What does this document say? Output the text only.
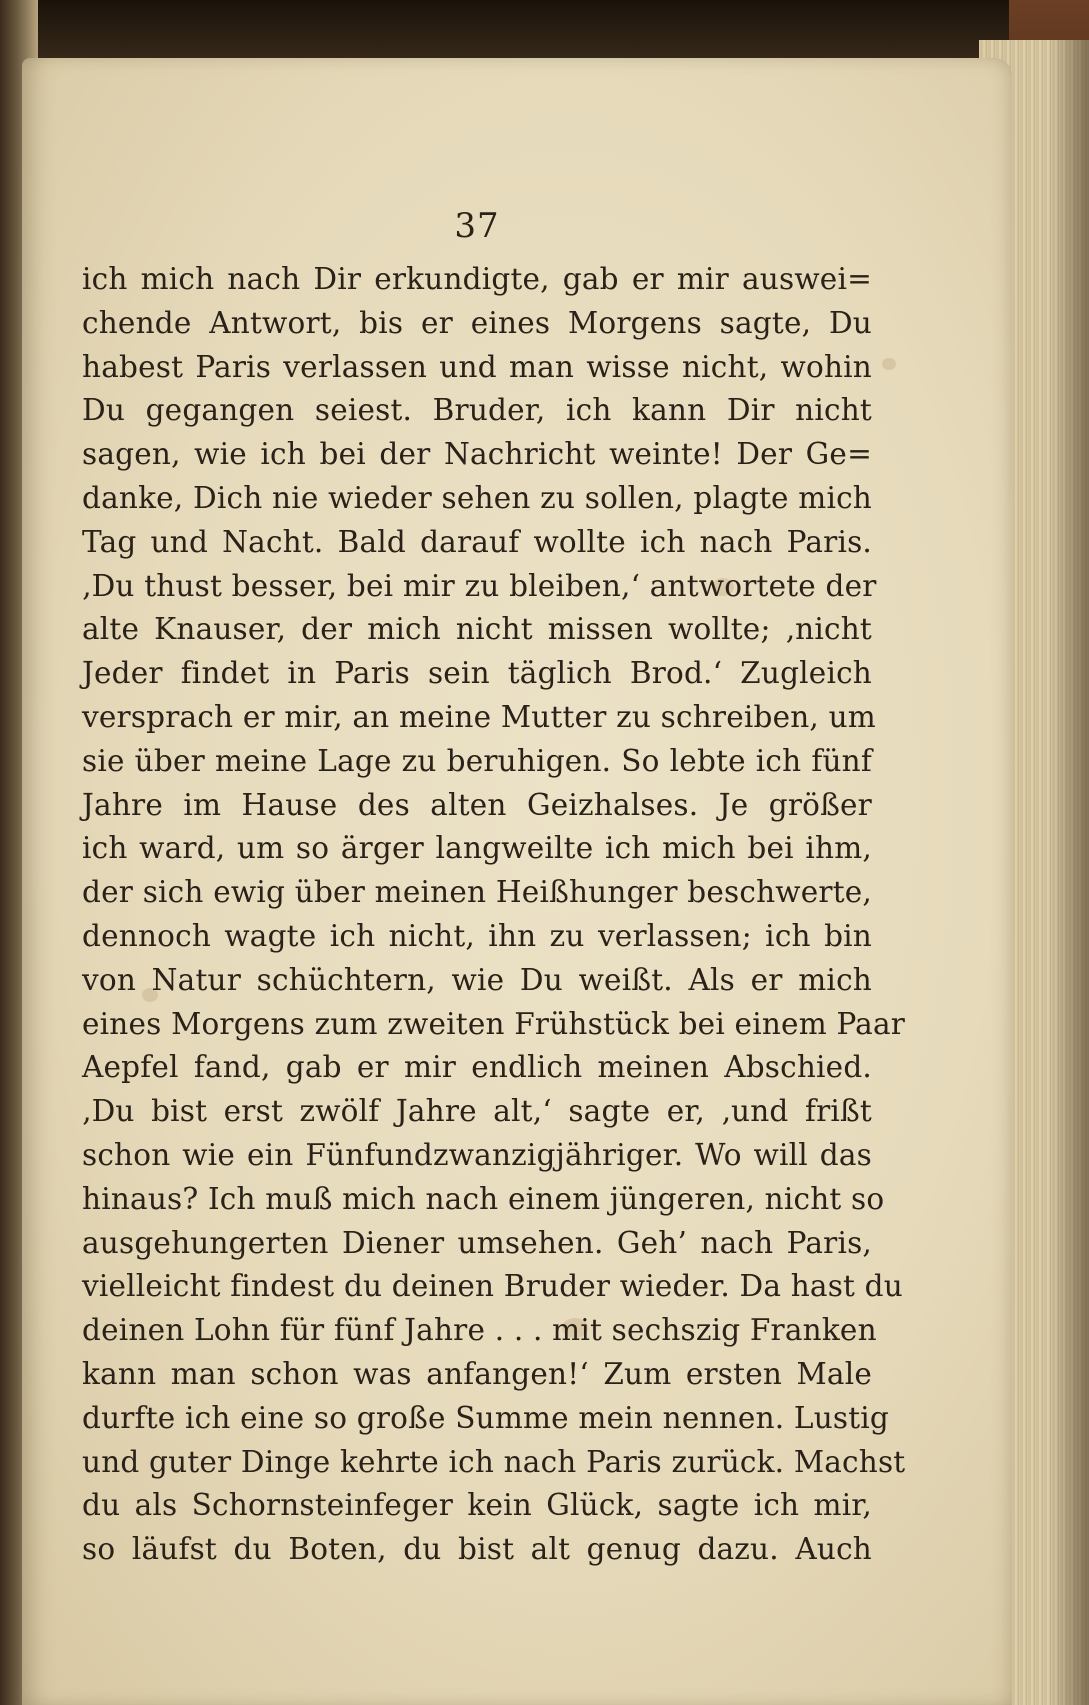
37
ich mich nach Dir erkundigte, gab er mir auswei=
chende Antwort, bis er eines Morgens sagte, Du
habest Paris verlassen und man wisse nicht, wohin
Du gegangen seiest. Bruder, ich kann Dir nicht
sagen, wie ich bei der Nachricht weinte! Der Ge=
danke, Dich nie wieder sehen zu sollen, plagte mich
Tag und Nacht. Bald darauf wollte ich nach Paris.
‚Du thust besser, bei mir zu bleiben,‘ antwortete der
alte Knauser, der mich nicht missen wollte; ‚nicht
Jeder findet in Paris sein täglich Brod.‘ Zugleich
versprach er mir, an meine Mutter zu schreiben, um
sie über meine Lage zu beruhigen. So lebte ich fünf
Jahre im Hause des alten Geizhalses. Je größer
ich ward, um so ärger langweilte ich mich bei ihm,
der sich ewig über meinen Heißhunger beschwerte,
dennoch wagte ich nicht, ihn zu verlassen; ich bin
von Natur schüchtern, wie Du weißt. Als er mich
eines Morgens zum zweiten Frühstück bei einem Paar
Aepfel fand, gab er mir endlich meinen Abschied.
‚Du bist erst zwölf Jahre alt,‘ sagte er, ‚und frißt
schon wie ein Fünfundzwanzigjähriger. Wo will das
hinaus? Ich muß mich nach einem jüngeren, nicht so
ausgehungerten Diener umsehen. Geh’ nach Paris,
vielleicht findest du deinen Bruder wieder. Da hast du
deinen Lohn für fünf Jahre . . . mit sechszig Franken
kann man schon was anfangen!‘ Zum ersten Male
durfte ich eine so große Summe mein nennen. Lustig
und guter Dinge kehrte ich nach Paris zurück. Machst
du als Schornsteinfeger kein Glück, sagte ich mir,
so läufst du Boten, du bist alt genug dazu. Auch
